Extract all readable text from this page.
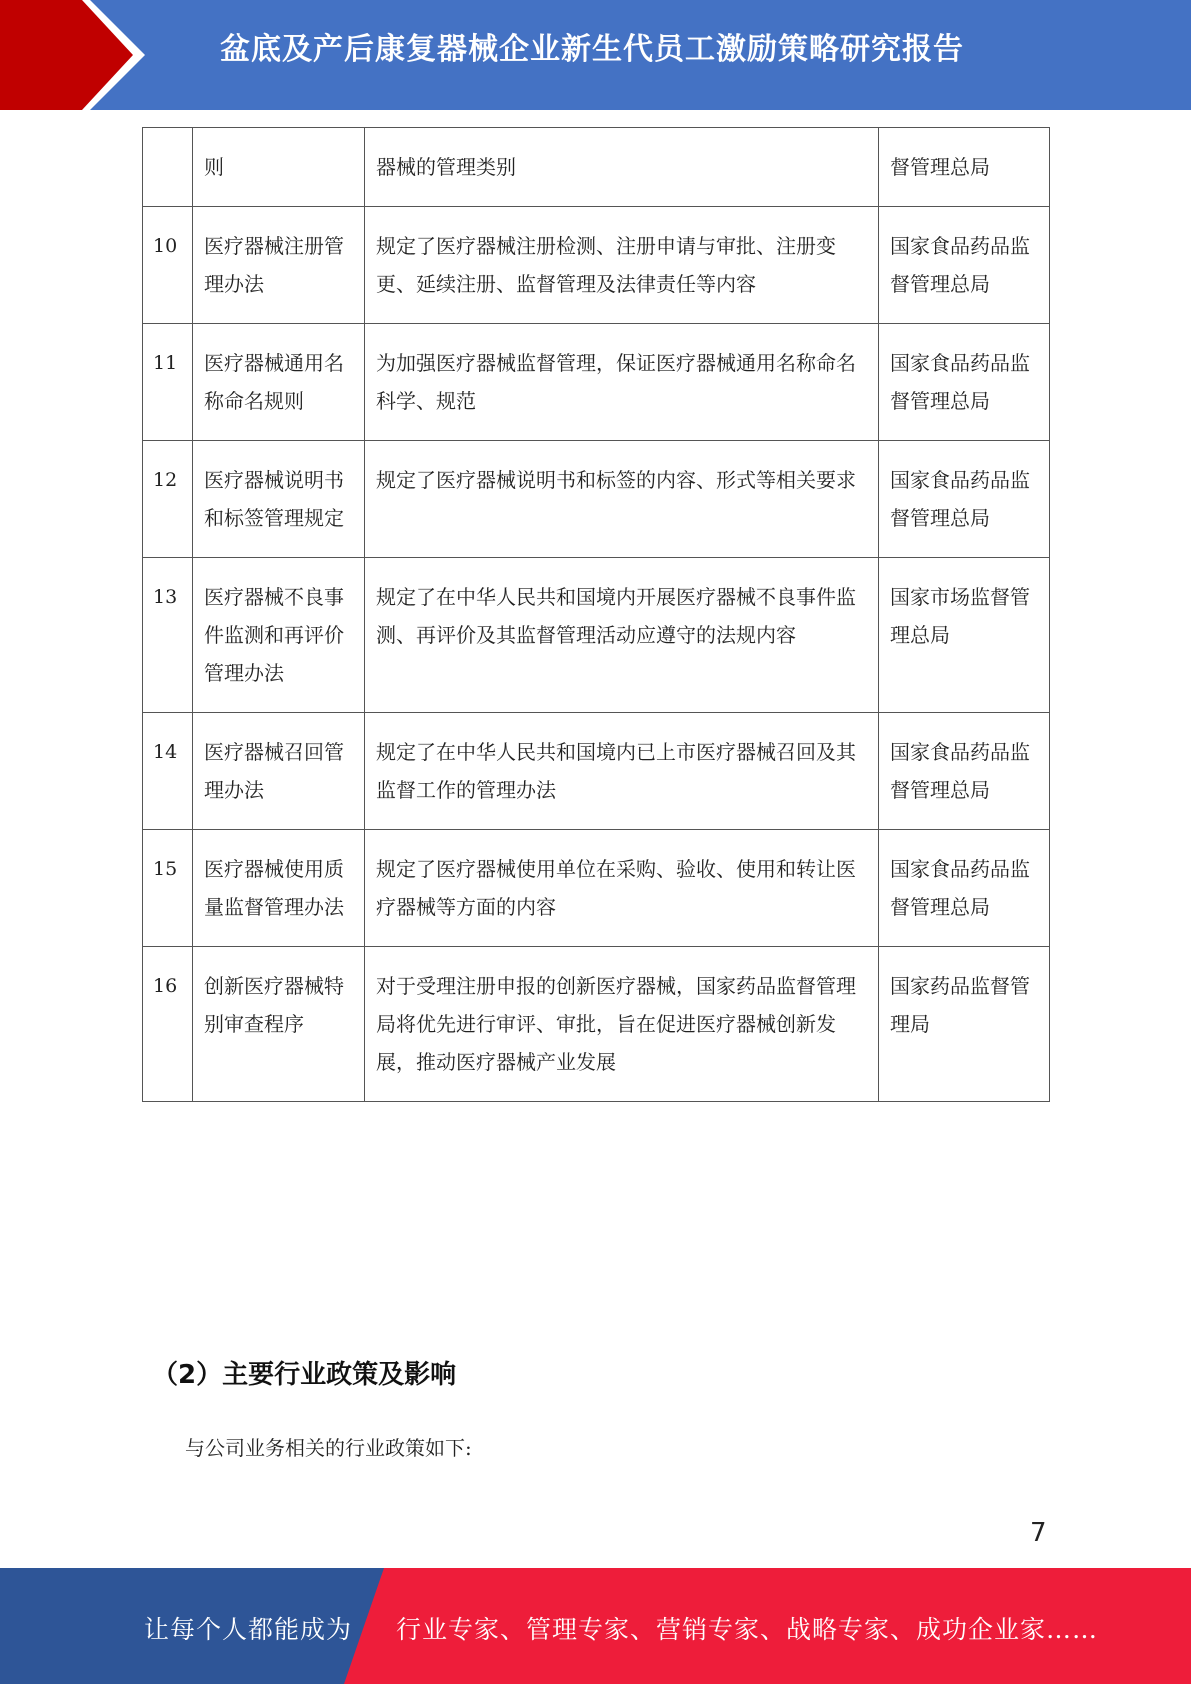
盆底及产后康复器械企业新生代员工激励策略研究报告
	则	器械的管理类别	督管理总局
10	医疗器械注册管理办法	规定了医疗器械注册检测、注册申请与审批、注册变更、延续注册、监督管理及法律责任等内容	国家食品药品监督管理总局
11	医疗器械通用名称命名规则	为加强医疗器械监督管理，保证医疗器械通用名称命名科学、规范	国家食品药品监督管理总局
12	医疗器械说明书和标签管理规定	规定了医疗器械说明书和标签的内容、形式等相关要求	国家食品药品监督管理总局
13	医疗器械不良事件监测和再评价管理办法	规定了在中华人民共和国境内开展医疗器械不良事件监测、再评价及其监督管理活动应遵守的法规内容	国家市场监督管理总局
14	医疗器械召回管理办法	规定了在中华人民共和国境内已上市医疗器械召回及其监督工作的管理办法	国家食品药品监督管理总局
15	医疗器械使用质量监督管理办法	规定了医疗器械使用单位在采购、验收、使用和转让医疗器械等方面的内容	国家食品药品监督管理总局
16	创新医疗器械特别审查程序	对于受理注册申报的创新医疗器械，国家药品监督管理局将优先进行审评、审批，旨在促进医疗器械创新发展，推动医疗器械产业发展	国家药品监督管理局
（2）主要行业政策及影响
与公司业务相关的行业政策如下:
7
让每个人都能成为 行业专家、管理专家、营销专家、战略专家、成功企业家……
